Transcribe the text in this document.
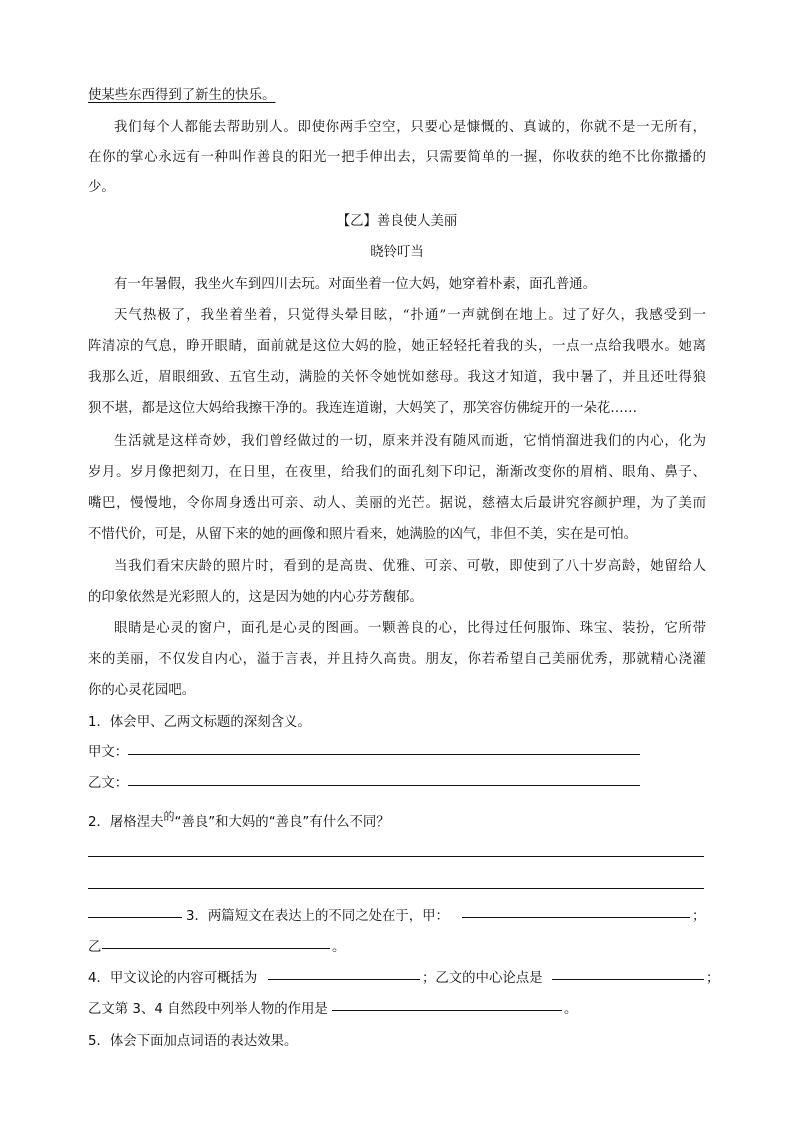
使某些东西得到了新生的快乐。
我们每个人都能去帮助别人。即使你两手空空，只要心是慷慨的、真诚的，你就不是一无所有，
在你的掌心永远有一种叫作善良的阳光一把手伸出去，只需要简单的一握，你收获的绝不比你撒播的
少。
【乙】善良使人美丽
晓铃叮当
有一年暑假，我坐火车到四川去玩。对面坐着一位大妈，她穿着朴素，面孔普通。
天气热极了，我坐着坐着，只觉得头晕目眩，“扑通”一声就倒在地上。过了好久，我感受到一
阵清凉的气息，睁开眼睛，面前就是这位大妈的脸，她正轻轻托着我的头，一点一点给我喂水。她离
我那么近，眉眼细致、五官生动，满脸的关怀令她恍如慈母。我这才知道，我中暑了，并且还吐得狼
狈不堪，都是这位大妈给我擦干净的。我连连道谢，大妈笑了，那笑容仿佛绽开的一朵花……
生活就是这样奇妙，我们曾经做过的一切，原来并没有随风而逝，它悄悄溜进我们的内心，化为
岁月。岁月像把刻刀，在日里，在夜里，给我们的面孔刻下印记，渐渐改变你的眉梢、眼角、鼻子、
嘴巴，慢慢地，令你周身透出可亲、动人、美丽的光芒。据说，慈禧太后最讲究容颜护理，为了美而
不惜代价，可是，从留下来的她的画像和照片看来，她满脸的凶气，非但不美，实在是可怕。
当我们看宋庆龄的照片时，看到的是高贵、优雅、可亲、可敬，即使到了八十岁高龄，她留给人
的印象依然是光彩照人的，这是因为她的内心芬芳馥郁。
眼睛是心灵的窗户，面孔是心灵的图画。一颗善良的心，比得过任何服饰、珠宝、装扮，它所带
来的美丽，不仅发自内心，溢于言表，并且持久高贵。朋友，你若希望自己美丽优秀，那就精心浇灌
你的心灵花园吧。
1．体会甲、乙两文标题的深刻含义。
甲文：
乙文：
2．屠格涅夫$^的$“善良”和大妈的“善良”有什么不同？
3．两篇短文在表达上的不同之处在于，甲：	；
乙	。
4．甲文议论的内容可概括为	；乙文的中心论点是	；
乙文第 3、4 自然段中列举人物的作用是	。
5．体会下面加点词语的表达效果。
